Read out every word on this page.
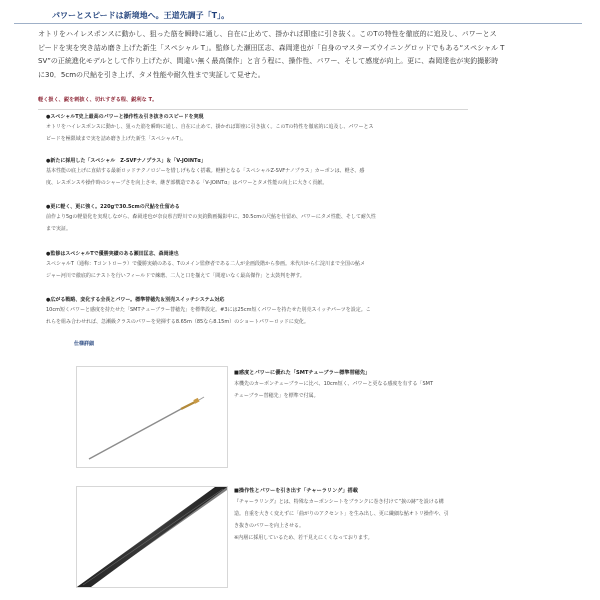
パワーとスピードは新境地へ。王道先調子「T」。

オトリをハイレスポンスに動かし、狙った筋を瞬時に通し、自在に止めて、掛かれば即座に引き抜く。このTの特性を徹底的に追及し、パワーとス

ピードを実を突き詰め磨き上げた新生「スペシャル T」。監修した瀬田匡志、森岡達也が「自身のマスターズウイニングロッドでもある“スペシャル T

SV”の正統進化モデルとして作り上げたが、間違い無く最高傑作」と言う程に、操作性、パワー、そして感度が向上。更に、森岡達也が実釣撮影時

に30．5cmの尺鮎を引き上げ、タメ性能や耐久性まで実証して見せた。

軽く扱く、鋭を剌抜く、切れすぎる程、鋭利な T。
●スペシャルT史上最高のパワーと操作性＆引き抜きのスピードを実現

オトリをハイレスポンスに動かし、狙った筋を瞬時に通し、自在に止めて、掛かれば即座に引き抜く。このTの特性を徹底的に追及し、パワーとス

ピードを極限域まで実を詰め磨き上げた新生「スペシャルT」。

●新たに採用した「スペシャル　Z-SVFナノプラス」＆「V-JOINTα」

基本性能の底上げに直結する最新ロッドテクノロジーを惜しげもなく搭載。軽鮮となる「スペシャルZ-SVFナノプラス」カーボンは、軽さ、感

度、レスポンスや操作時のシャープさを向上させ、継ぎ部構造である「V-JOINTα」はパワーとタメ性能の向上に大きく貢献。

●更に軽く、更に強く。220gで30.5cmの尺鮎を仕留める

前作より5gの軽量化を実現しながら、森岡達也が奈良県吉野川での実釣動画撮影中に、30.5cmの尺鮎を仕留め、パワーにタメ性能、そして耐久性

まで実証。

●監修はスペシャルTで優勝実績のある瀬田匡志、森岡達也

スペシャルT（通称：Tコントローラ）で優勝実績のある、Tのメイン監修者である二人が企画段階から参画。米代川から仁淀川まで全国の鮎メ

ジャー河川で徹底的にテストを行いフィールドで練磨、二人と口を揃えて「間違いなく最高傑作」と太鼓判を押す。

●広がる戦略、変化する全長とパワー。標準替穂先＆別売スイッチシステム対応

10cm短くパワーと感度を持たせた「SMTチューブラー替穂先」を標準設定。#3には25cm短くパワーを持たせた別売スイッチパーツを設定。こ

れらを組み合わせれば、急瀬級クラスのパワーを発揮する8.65m（85なら8.15m）のショートパワーロッドに変化。

仕様詳細
■感度とパワーに優れた「SMTチューブラー標準替穂先」

本機先のカーボンチューブラーに比べ、10cm短く、パワーと更なる感度を有する「SMT

チューブラー替穂先」を標準で付属。

■操作性とパワーを引き出す「チャーラリング」搭載

『チャーラリング』とは、特殊なカーボンシートをブランクに巻き付けて“捩の跡”を設ける構

造。自重を大きく変えずに「曲がりのアクセント」を生み出し、更に繊細な鮎オトリ操作や、引

き抜きのパワーを向上させる。

※内層に採用しているため、若干見えにくくなっております。
